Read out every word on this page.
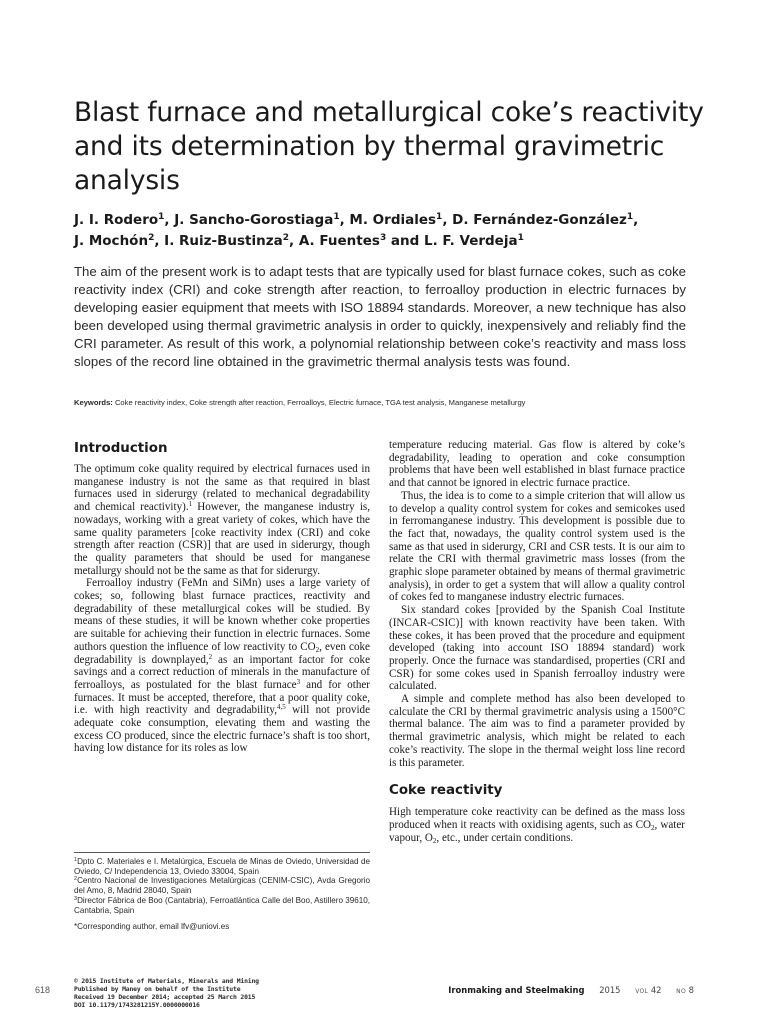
Blast furnace and metallurgical coke’s reactivity and its determination by thermal gravimetric analysis
J. I. Rodero$^1$, J. Sancho-Gorostiaga$^1$, M. Ordiales$^1$, D. Fernández-González$^1$,
J. Mochón$^2$, I. Ruiz-Bustinza$^2$, A. Fuentes$^3$ and L. F. Verdeja$^1$

The aim of the present work is to adapt tests that are typically used for blast furnace cokes, such as coke reactivity index (CRI) and coke strength after reaction, to ferroalloy production in electric furnaces by developing easier equipment that meets with ISO 18894 standards. Moreover, a new technique has also been developed using thermal gravimetric analysis in order to quickly, inexpensively and reliably find the CRI parameter. As result of this work, a polynomial relationship between coke’s reactivity and mass loss slopes of the record line obtained in the gravimetric thermal analysis tests was found.

Keywords: Coke reactivity index, Coke strength after reaction, Ferroalloys, Electric furnace, TGA test analysis, Manganese metallurgy

Introduction

The optimum coke quality required by electrical furnaces used in manganese industry is not the same as that required in blast furnaces used in siderurgy (related to mechanical degradability and chemical reactivity).$^1$ However, the manganese industry is, nowadays, working with a great variety of cokes, which have the same quality parameters [coke reactivity index (CRI) and coke strength after reaction (CSR)] that are used in siderurgy, though the quality parameters that should be used for manganese metallurgy should not be the same as that for siderurgy.

Ferroalloy industry (FeMn and SiMn) uses a large variety of cokes; so, following blast furnace practices, reactivity and degradability of these metallurgical cokes will be studied. By means of these studies, it will be known whether coke properties are suitable for achieving their function in electric furnaces. Some authors question the influence of low reactivity to $CO_2$, even coke degradability is downplayed,$^2$ as an important factor for coke savings and a correct reduction of minerals in the manufacture of ferroalloys, as postulated for the blast furnace$^3$ and for other furnaces. It must be accepted, therefore, that a poor quality coke, i.e. with high reactivity and degradability,$^{4,5}$ will not provide adequate coke consumption, elevating them and wasting the excess CO produced, since the electric furnace’s shaft is too short, having low distance for its roles as low

$^1$Dpto C. Materiales e I. Metalúrgica, Escuela de Minas de Oviedo, Universidad de Oviedo, C/ Independencia 13, Oviedo 33004, Spain
$^2$Centro Nacional de Investigaciones Metalúrgicas (CENIM-CSIC), Avda Gregorio del Amo, 8, Madrid 28040, Spain
$^3$Director Fábrica de Boo (Cantabria), Ferroatlántica Calle del Boo, Astillero 39610, Cantabria, Spain
*Corresponding author, email lfv@uniovi.es

temperature reducing material. Gas flow is altered by coke’s degradability, leading to operation and coke consumption problems that have been well established in blast furnace practice and that cannot be ignored in electric furnace practice.

Thus, the idea is to come to a simple criterion that will allow us to develop a quality control system for cokes and semicokes used in ferromanganese industry. This development is possible due to the fact that, nowadays, the quality control system used is the same as that used in siderurgy, CRI and CSR tests. It is our aim to relate the CRI with thermal gravimetric mass losses (from the graphic slope parameter obtained by means of thermal gravimetric analysis), in order to get a system that will allow a quality control of cokes fed to manganese industry electric furnaces.

Six standard cokes [provided by the Spanish Coal Institute (INCAR-CSIC)] with known reactivity have been taken. With these cokes, it has been proved that the procedure and equipment developed (taking into account ISO 18894 standard) work properly. Once the furnace was standardised, properties (CRI and CSR) for some cokes used in Spanish ferroalloy industry were calculated.

A simple and complete method has also been developed to calculate the CRI by thermal gravimetric analysis using a 1500°C thermal balance. The aim was to find a parameter provided by thermal gravimetric analysis, which might be related to each coke’s reactivity. The slope in the thermal weight loss line record is this parameter.

Coke reactivity

High temperature coke reactivity can be defined as the mass loss produced when it reacts with oxidising agents, such as $CO_2$, water vapour, $O_2$, etc., under certain conditions.

© 2015 Institute of Materials, Minerals and Mining
Published by Maney on behalf of the Institute
Received 19 December 2014; accepted 25 March 2015
DOI 10.1179/1743281215Y.0000000016
618	Ironmaking and Steelmaking 2015 VOL 42 NO 8
